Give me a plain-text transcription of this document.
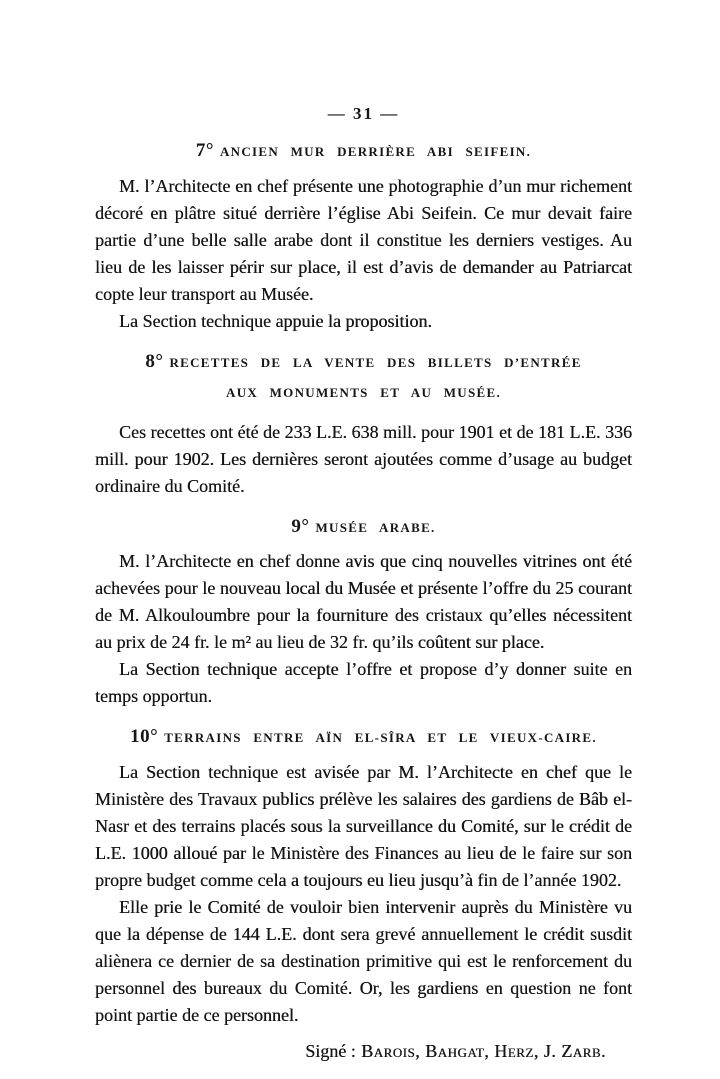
— 31 —
7° ANCIEN MUR DERRIÈRE ABI SEIFEIN.

M. l’Architecte en chef présente une photographie d’un mur richement décoré en plâtre situé derrière l’église Abi Seifein. Ce mur devait faire partie d’une belle salle arabe dont il constitue les derniers vestiges. Au lieu de les laisser périr sur place, il est d’avis de demander au Patriarcat copte leur transport au Musée.

La Section technique appuie la proposition.

8° RECETTES DE LA VENTE DES BILLETS D’ENTRÉE
AUX MONUMENTS ET AU MUSÉE.

Ces recettes ont été de 233 L.E. 638 mill. pour 1901 et de 181 L.E. 336 mill. pour 1902. Les dernières seront ajoutées comme d’usage au budget ordinaire du Comité.

9° MUSÉE ARABE.

M. l’Architecte en chef donne avis que cinq nouvelles vitrines ont été achevées pour le nouveau local du Musée et présente l’offre du 25 courant de M. Alkouloumbre pour la fourniture des cristaux qu’elles nécessitent au prix de 24 fr. le m² au lieu de 32 fr. qu’ils coûtent sur place.

La Section technique accepte l’offre et propose d’y donner suite en temps opportun.

10° TERRAINS ENTRE AÏN EL-SÎRA ET LE VIEUX-CAIRE.

La Section technique est avisée par M. l’Architecte en chef que le Ministère des Travaux publics prélève les salaires des gardiens de Bâb el-Nasr et des terrains placés sous la surveillance du Comité, sur le crédit de L.E. 1000 alloué par le Ministère des Finances au lieu de le faire sur son propre budget comme cela a toujours eu lieu jusqu’à fin de l’année 1902.

Elle prie le Comité de vouloir bien intervenir auprès du Ministère vu que la dépense de 144 L.E. dont sera grevé annuellement le crédit susdit aliènera ce dernier de sa destination primitive qui est le renforcement du personnel des bureaux du Comité. Or, les gardiens en question ne font point partie de ce personnel.

Signé : Barois, Bahgat, Herz, J. Zarb.
